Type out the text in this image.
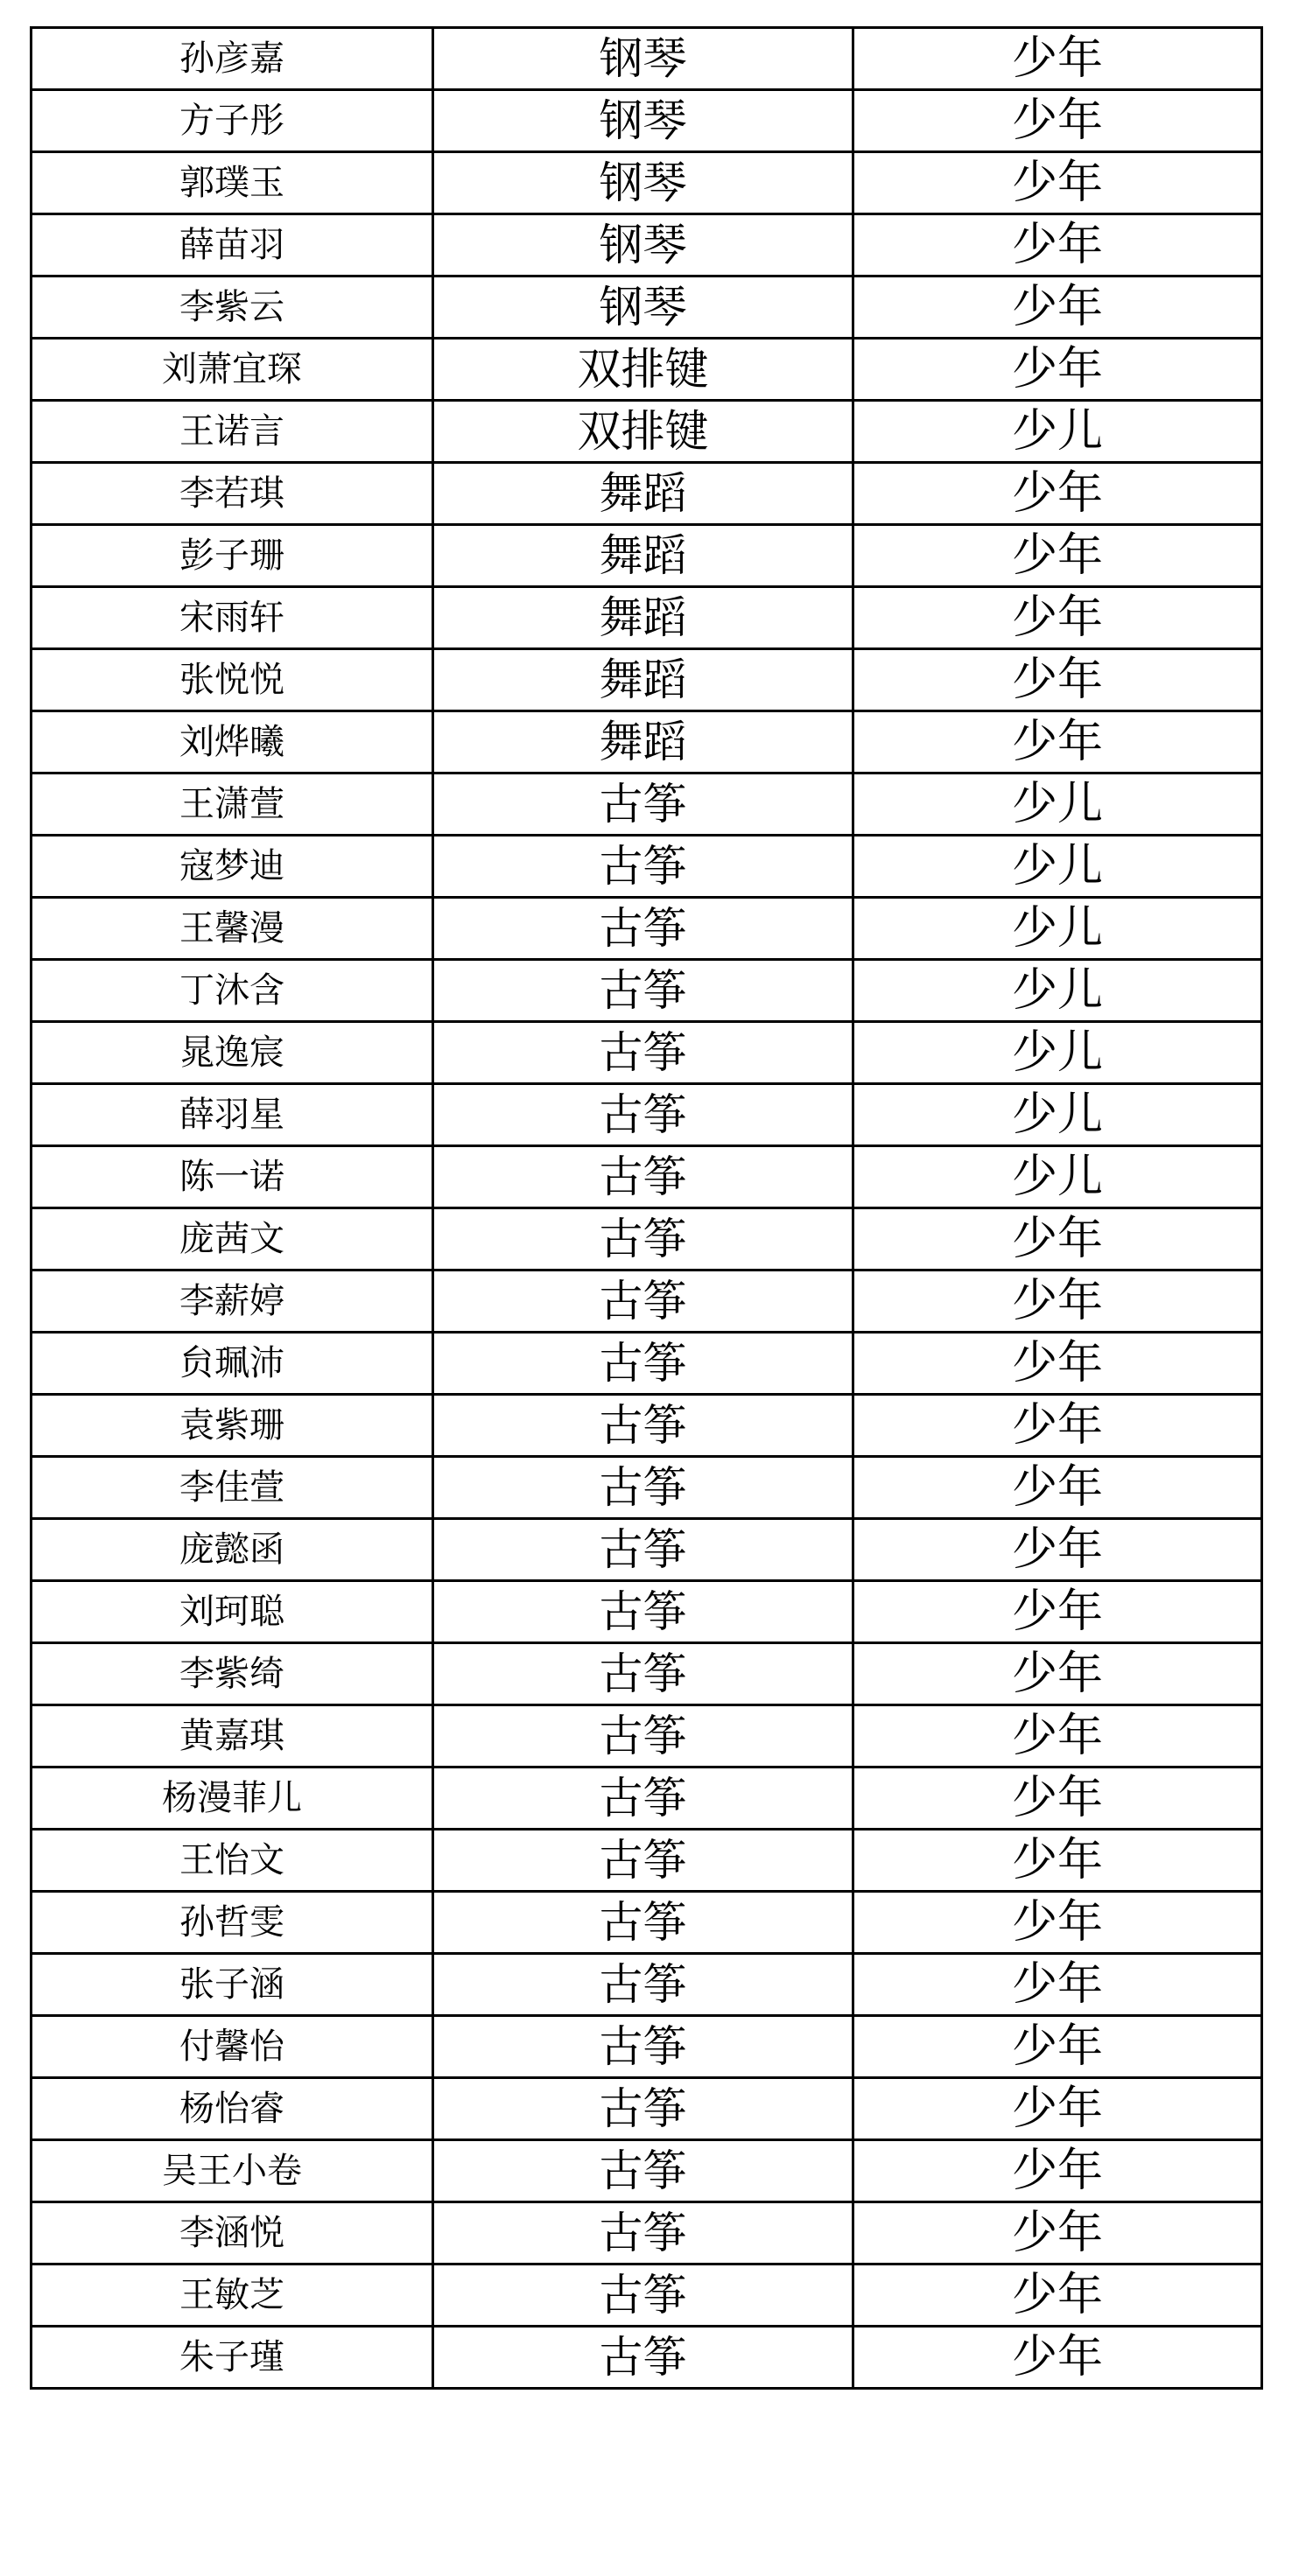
孙彦嘉	钢琴	少年
方子彤	钢琴	少年
郭璞玉	钢琴	少年
薛苗羽	钢琴	少年
李紫云	钢琴	少年
刘萧宜琛	双排键	少年
王诺言	双排键	少儿
李若琪	舞蹈	少年
彭子珊	舞蹈	少年
宋雨轩	舞蹈	少年
张悦悦	舞蹈	少年
刘烨曦	舞蹈	少年
王潇萱	古筝	少儿
寇梦迪	古筝	少儿
王馨漫	古筝	少儿
丁沐含	古筝	少儿
晁逸宸	古筝	少儿
薛羽星	古筝	少儿
陈一诺	古筝	少儿
庞茜文	古筝	少年
李薪婷	古筝	少年
贠珮沛	古筝	少年
袁紫珊	古筝	少年
李佳萱	古筝	少年
庞懿函	古筝	少年
刘珂聪	古筝	少年
李紫绮	古筝	少年
黄嘉琪	古筝	少年
杨漫菲儿	古筝	少年
王怡文	古筝	少年
孙哲雯	古筝	少年
张子涵	古筝	少年
付馨怡	古筝	少年
杨怡睿	古筝	少年
吴王小卷	古筝	少年
李涵悦	古筝	少年
王敏芝	古筝	少年
朱子瑾	古筝	少年
